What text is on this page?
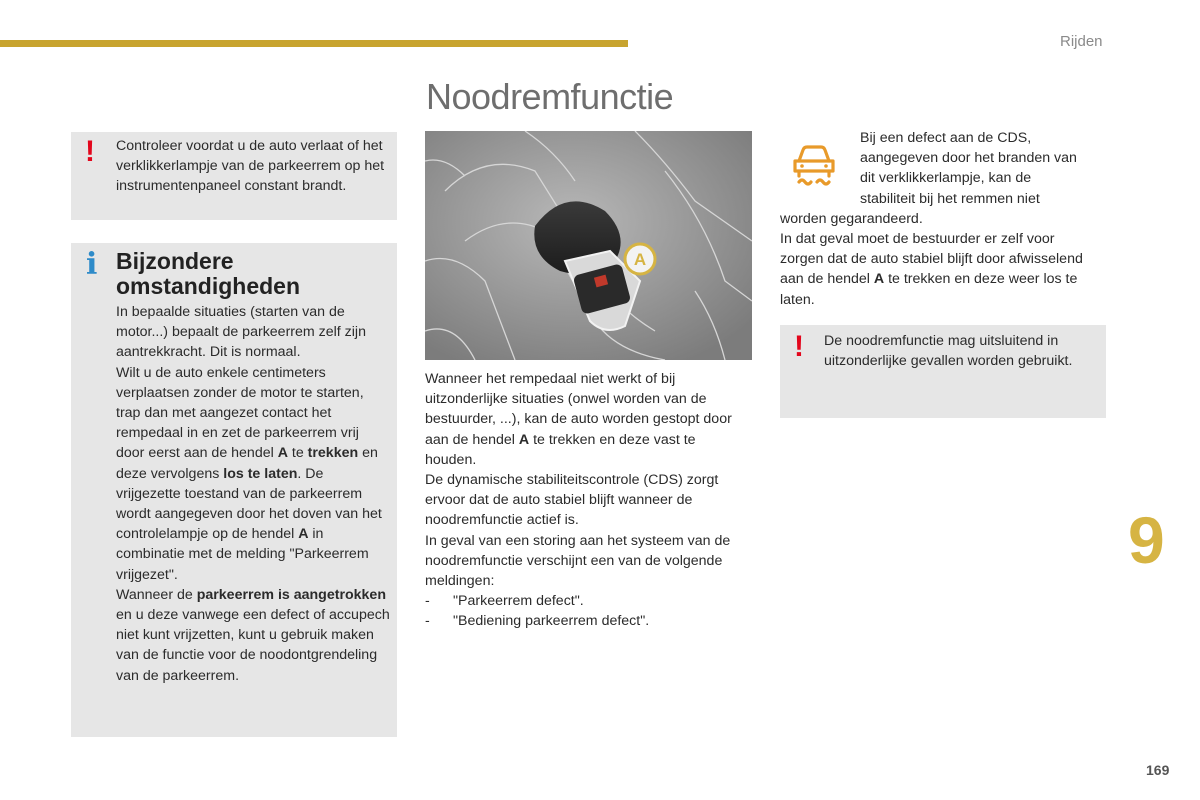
Rijden
Noodremfunctie
! Controleer voordat u de auto verlaat of het verklikkerlampje van de parkeerrem op het instrumentenpaneel constant brandt.
i Bijzondere
omstandigheden
In bepaalde situaties (starten van de motor...) bepaalt de parkeerrem zelf zijn aantrekkracht. Dit is normaal.
Wilt u de auto enkele centimeters verplaatsen zonder de motor te starten, trap dan met aangezet contact het rempedaal in en zet de parkeerrem vrij door eerst aan de hendel A te trekken en deze vervolgens los te laten. De vrijgezette toestand van de parkeerrem wordt aangegeven door het doven van het controlelampje op de hendel A in combinatie met de melding "Parkeerrem vrijgezet".
Wanneer de parkeerrem is aangetrokken en u deze vanwege een defect of accupech niet kunt vrijzetten, kunt u gebruik maken van de functie voor de noodontgrendeling van de parkeerrem.
A
Wanneer het rempedaal niet werkt of bij uitzonderlijke situaties (onwel worden van de bestuurder, ...), kan de auto worden gestopt door aan de hendel A te trekken en deze vast te houden.
De dynamische stabiliteitscontrole (CDS) zorgt ervoor dat de auto stabiel blijft wanneer de noodremfunctie actief is.
In geval van een storing aan het systeem van de noodremfunctie verschijnt een van de volgende meldingen:
- "Parkeerrem defect".
- "Bediening parkeerrem defect".
Bij een defect aan de CDS, aangegeven door het branden van dit verklikkerlampje, kan de stabiliteit bij het remmen niet
worden gegarandeerd.
In dat geval moet de bestuurder er zelf voor zorgen dat de auto stabiel blijft door afwisselend aan de hendel A te trekken en deze weer los te laten.
! De noodremfunctie mag uitsluitend in uitzonderlijke gevallen worden gebruikt.
9
169
